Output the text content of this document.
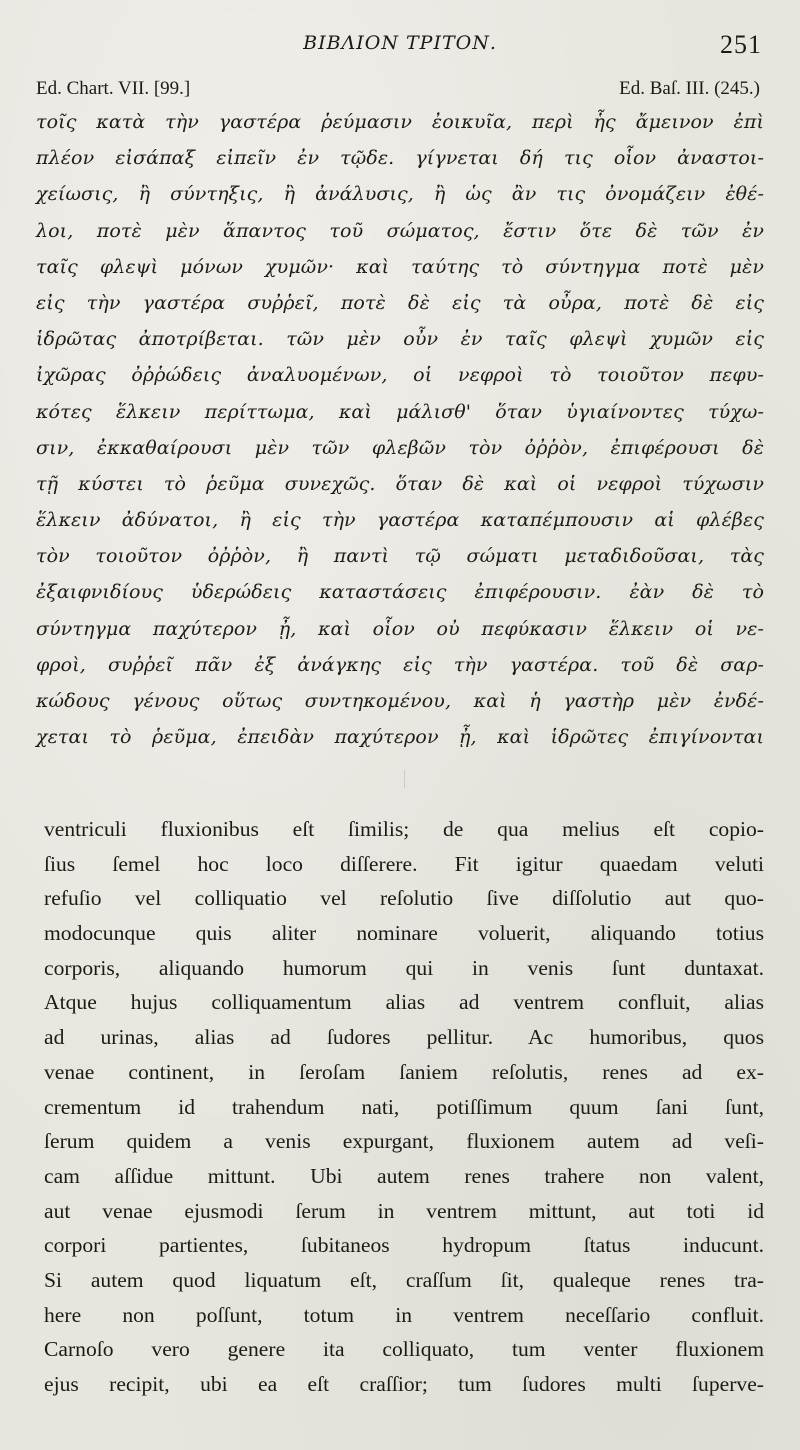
ΒΙΒΛΙΟΝ ΤΡΙΤΟΝ.	251
Ed. Chart. VII. [99.]	Ed. Baſ. III. (245.)
τοῖς κατὰ τὴν γαστέρα ῥεύμασιν ἐοικυῖα, περὶ ἧς ἄμεινον ἐπὶ
πλέον εἰσάπαξ εἰπεῖν ἐν τῷδε. γίγνεται δή τις οἷον ἀναστοι-
χείωσις, ἢ σύντηξις, ἢ ἀνάλυσις, ἢ ὡς ἂν τις ὀνομάζειν ἐθέ-
λοι, ποτὲ μὲν ἅπαντος τοῦ σώματος, ἔστιν ὅτε δὲ τῶν ἐν
ταῖς φλεψὶ μόνων χυμῶν· καὶ ταύτης τὸ σύντηγμα ποτὲ μὲν
εἰς τὴν γαστέρα συῤῥεῖ, ποτὲ δὲ εἰς τὰ οὖρα, ποτὲ δὲ εἰς
ἱδρῶτας ἀποτρίβεται. τῶν μὲν οὖν ἐν ταῖς φλεψὶ χυμῶν εἰς
ἰχῶρας ὀῤῥώδεις ἀναλυομένων, οἱ νεφροὶ τὸ τοιοῦτον πεφυ-
κότες ἕλκειν περίττωμα, καὶ μάλισθ' ὅταν ὑγιαίνοντες τύχω-
σιν, ἐκκαθαίρουσι μὲν τῶν φλεβῶν τὸν ὀῤῥὸν, ἐπιφέρουσι δὲ
τῇ κύστει τὸ ῥεῦμα συνεχῶς. ὅταν δὲ καὶ οἱ νεφροὶ τύχωσιν
ἕλκειν ἀδύνατοι, ἢ εἰς τὴν γαστέρα καταπέμπουσιν αἱ φλέβες
τὸν τοιοῦτον ὀῤῥὸν, ἢ παντὶ τῷ σώματι μεταδιδοῦσαι, τὰς
ἐξαιφνιδίους ὑδερώδεις καταστάσεις ἐπιφέρουσιν. ἐὰν δὲ τὸ
σύντηγμα παχύτερον ᾖ, καὶ οἷον οὐ πεφύκασιν ἕλκειν οἱ νε-
φροὶ, συῤῥεῖ πᾶν ἐξ ἀνάγκης εἰς τὴν γαστέρα. τοῦ δὲ σαρ-
κώδους γένους οὕτως συντηκομένου, καὶ ἡ γαστὴρ μὲν ἐνδέ-
χεται τὸ ῥεῦμα, ἐπειδὰν παχύτερον ᾖ, καὶ ἱδρῶτες ἐπιγίνονται
ventriculi fluxionibus eſt ſimilis; de qua melius eſt copio-
ſius ſemel hoc loco diſſerere. Fit igitur quaedam veluti
refuſio vel colliquatio vel reſolutio ſive diſſolutio aut quo-
modocunque quis aliter nominare voluerit, aliquando totius
corporis, aliquando humorum qui in venis ſunt duntaxat.
Atque hujus colliquamentum alias ad ventrem confluit, alias
ad urinas, alias ad ſudores pellitur. Ac humoribus, quos
venae continent, in ſeroſam ſaniem reſolutis, renes ad ex-
crementum id trahendum nati, potiſſimum quum ſani ſunt,
ſerum quidem a venis expurgant, fluxionem autem ad veſi-
cam aſſidue mittunt. Ubi autem renes trahere non valent,
aut venae ejusmodi ſerum in ventrem mittunt, aut toti id
corpori partientes, ſubitaneos hydropum ſtatus inducunt.
Si autem quod liquatum eſt, craſſum ſit, qualeque renes tra-
here non poſſunt, totum in ventrem neceſſario confluit.
Carnoſo vero genere ita colliquato, tum venter fluxionem
ejus recipit, ubi ea eſt craſſior; tum ſudores multi ſuperve-
